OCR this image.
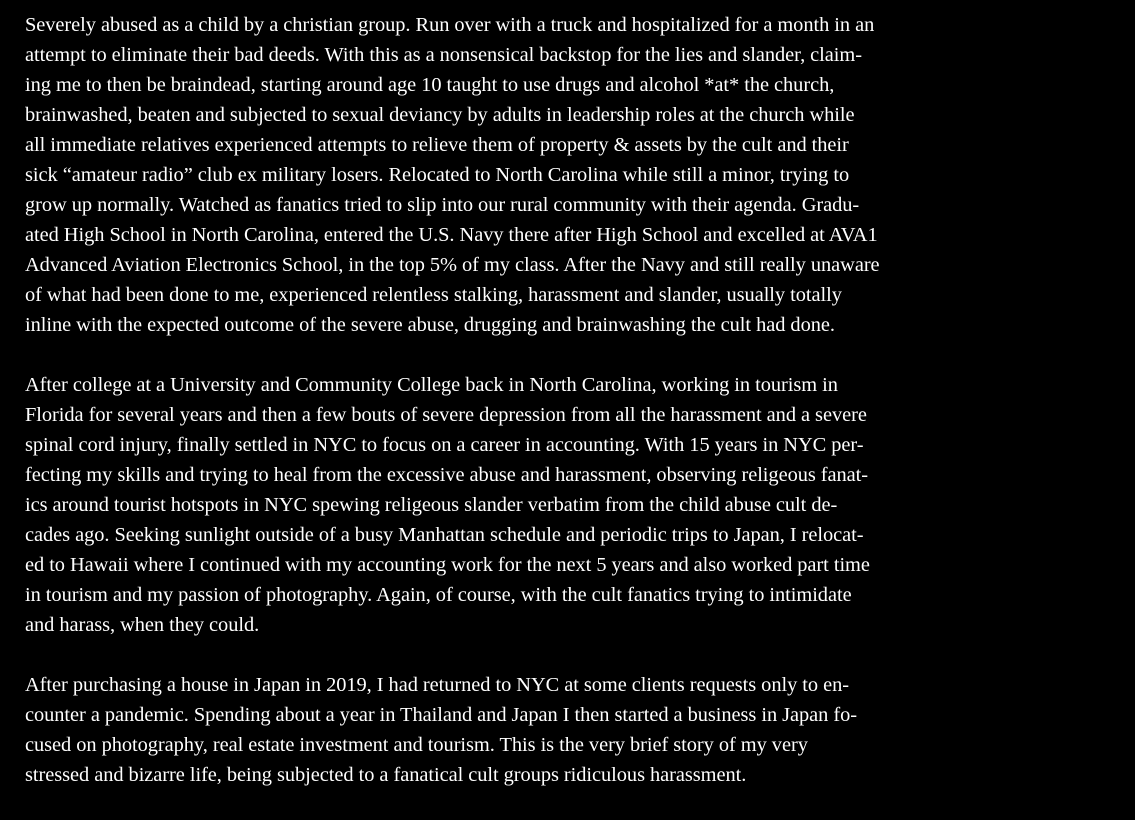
Severely abused as a child by a christian group. Run over with a truck and hospitalized for a month in an
attempt to eliminate their bad deeds. With this as a nonsensical backstop for the lies and slander, claim-
ing me to then be braindead, starting around age 10 taught to use drugs and alcohol *at* the church,
brainwashed, beaten and subjected to sexual deviancy by adults in leadership roles at the church while
all immediate relatives experienced attempts to relieve them of property & assets by the cult and their
sick “amateur radio” club ex military losers. Relocated to North Carolina while still a minor, trying to
grow up normally. Watched as fanatics tried to slip into our rural community with their agenda. Gradu-
ated High School in North Carolina, entered the U.S. Navy there after High School and excelled at AVA1
Advanced Aviation Electronics School, in the top 5% of my class. After the Navy and still really unaware
of what had been done to me, experienced relentless stalking, harassment and slander, usually totally
inline with the expected outcome of the severe abuse, drugging and brainwashing the cult had done.

After college at a University and Community College back in North Carolina, working in tourism in
Florida for several years and then a few bouts of severe depression from all the harassment and a severe
spinal cord injury, finally settled in NYC to focus on a career in accounting. With 15 years in NYC per-
fecting my skills and trying to heal from the excessive abuse and harassment, observing religeous fanat-
ics around tourist hotspots in NYC spewing religeous slander verbatim from the child abuse cult de-
cades ago. Seeking sunlight outside of a busy Manhattan schedule and periodic trips to Japan, I relocat-
ed to Hawaii where I continued with my accounting work for the next 5 years and also worked part time
in tourism and my passion of photography. Again, of course, with the cult fanatics trying to intimidate
and harass, when they could.

After purchasing a house in Japan in 2019, I had returned to NYC at some clients requests only to en-
counter a pandemic. Spending about a year in Thailand and Japan I then started a business in Japan fo-
cused on photography, real estate investment and tourism. This is the very brief story of my very
stressed and bizarre life, being subjected to a fanatical cult groups ridiculous harassment.
